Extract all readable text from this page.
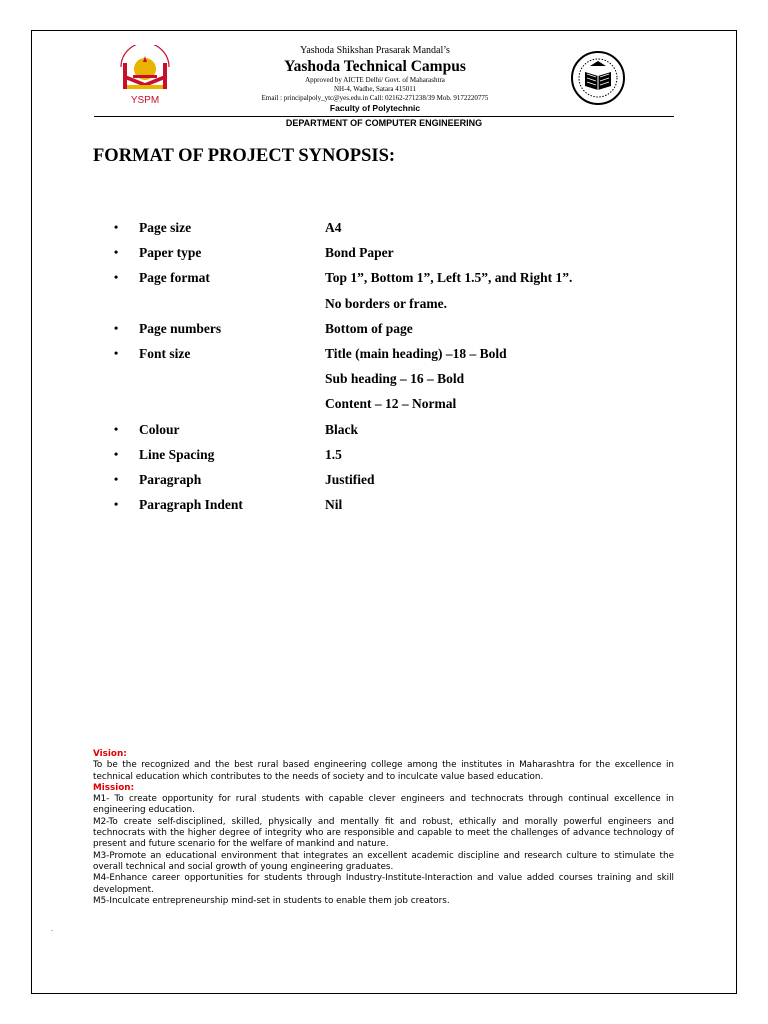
YSPM
Yashoda Shikshan Prasarak Mandal’s
Yashoda Technical Campus
Approved by AICTE Delhi/ Govt. of Maharashtra
NH-4, Wadhe, Satara 415011
Email : principalpoly_ytc@yes.edu.in Call: 02162-271238/39 Mob. 9172220775
Faculty of Polytechnic
DEPARTMENT OF COMPUTER ENGINEERING
FORMAT OF PROJECT SYNOPSIS:
• Page size	A4
• Paper type	Bond Paper
• Page format	Top 1”, Bottom 1”, Left 1.5”, and Right 1”.
No borders or frame.
• Page numbers	Bottom of page
• Font size	Title (main heading) –18 – Bold
Sub heading – 16 – Bold
Content – 12 – Normal
• Colour	Black
• Line Spacing	1.5
• Paragraph	Justified
• Paragraph Indent	Nil
Vision:
To be the recognized and the best rural based engineering college among the institutes in Maharashtra for the excellence in technical education which contributes to the needs of society and to inculcate value based education.
Mission:
M1- To create opportunity for rural students with capable clever engineers and technocrats through continual excellence in engineering education.
M2-To create self-disciplined, skilled, physically and mentally fit and robust, ethically and morally powerful engineers and technocrats with the higher degree of integrity who are responsible and capable to meet the challenges of advance technology of present and future scenario for the welfare of mankind and nature.
M3-Promote an educational environment that integrates an excellent academic discipline and research culture to stimulate the overall technical and social growth of young engineering graduates.
M4-Enhance career opportunities for students through Industry-Institute-Interaction and value added courses training and skill development.
M5-Inculcate entrepreneurship mind-set in students to enable them job creators.
.
